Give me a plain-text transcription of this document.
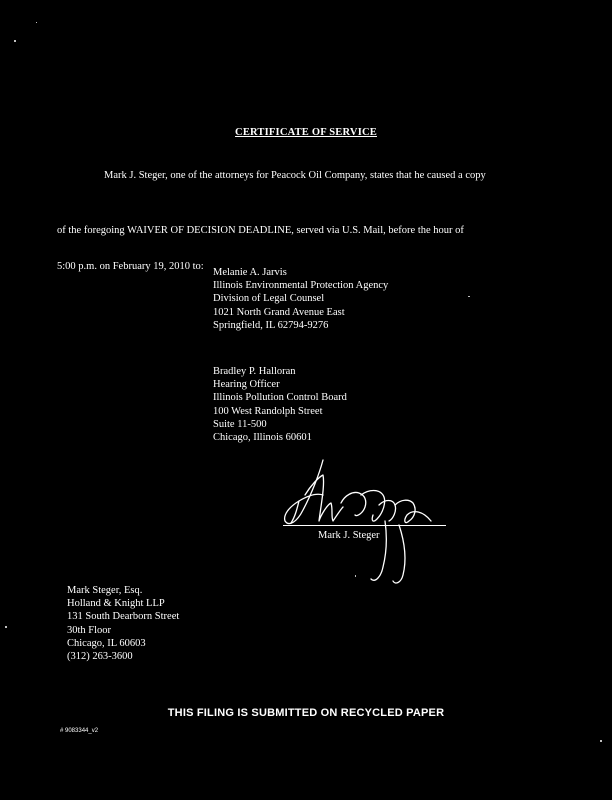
CERTIFICATE OF SERVICE
Mark J. Steger, one of the attorneys for Peacock Oil Company, states that he caused a copy
of the foregoing WAIVER OF DECISION DEADLINE, served via U.S. Mail, before the hour of
5:00 p.m. on February 19, 2010 to:
Melanie A. Jarvis
Illinois Environmental Protection Agency
Division of Legal Counsel
1021 North Grand Avenue East
Springfield, IL 62794-9276
Bradley P. Halloran
Hearing Officer
Illinois Pollution Control Board
100 West Randolph Street
Suite 11-500
Chicago, Illinois 60601
Mark J. Steger
Mark Steger, Esq.
Holland & Knight LLP
131 South Dearborn Street
30th Floor
Chicago, IL 60603
(312) 263-3600
THIS FILING IS SUBMITTED ON RECYCLED PAPER
# 9083344_v2
